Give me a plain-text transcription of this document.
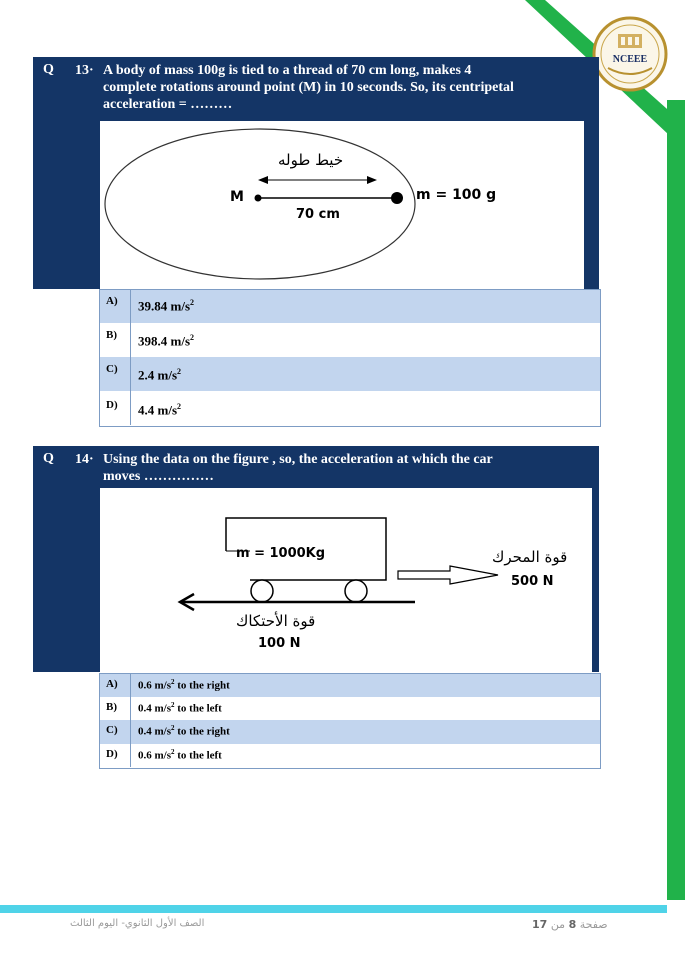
NCEEE
Q 13· A body of mass 100g is tied to a thread of 70 cm long, makes 4
complete rotations around point (M) in 10 seconds. So, its centripetal
acceleration = ………
خيط طوله
M
70 cm
m = 100 g
A) 39.84 $m/s^2$
B) 398.4 $m/s^2$
C) 2.4 $m/s^2$
D) 4.4 $m/s^2$
Q 14· Using the data on the figure , so, the acceleration at which the car
moves ……………
m = 1000Kg	قوة المحرك
500 N
قوة الأحتكاك
100 N
A) 0.6 $m/s^2$ to the right
B) 0.4 $m/s^2$ to the left
C) 0.4 $m/s^2$ to the right
D) 0.6 $m/s^2$ to the left
الصف الأول الثانوي- اليوم الثالث	صفحة 8 من 17
